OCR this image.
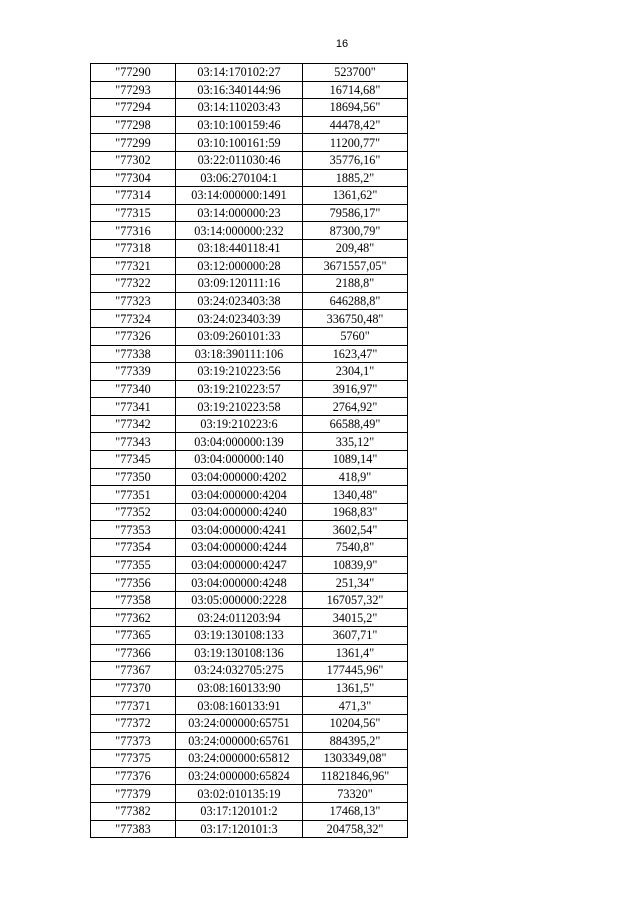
16
"77290	03:14:170102:27	523700"
"77293	03:16:340144:96	16714,68"
"77294	03:14:110203:43	18694,56"
"77298	03:10:100159:46	44478,42"
"77299	03:10:100161:59	11200,77"
"77302	03:22:011030:46	35776,16"
"77304	03:06:270104:1	1885,2"
"77314	03:14:000000:1491	1361,62"
"77315	03:14:000000:23	79586,17"
"77316	03:14:000000:232	87300,79"
"77318	03:18:440118:41	209,48"
"77321	03:12:000000:28	3671557,05"
"77322	03:09:120111:16	2188,8"
"77323	03:24:023403:38	646288,8"
"77324	03:24:023403:39	336750,48"
"77326	03:09:260101:33	5760"
"77338	03:18:390111:106	1623,47"
"77339	03:19:210223:56	2304,1"
"77340	03:19:210223:57	3916,97"
"77341	03:19:210223:58	2764,92"
"77342	03:19:210223:6	66588,49"
"77343	03:04:000000:139	335,12"
"77345	03:04:000000:140	1089,14"
"77350	03:04:000000:4202	418,9"
"77351	03:04:000000:4204	1340,48"
"77352	03:04:000000:4240	1968,83"
"77353	03:04:000000:4241	3602,54"
"77354	03:04:000000:4244	7540,8"
"77355	03:04:000000:4247	10839,9"
"77356	03:04:000000:4248	251,34"
"77358	03:05:000000:2228	167057,32"
"77362	03:24:011203:94	34015,2"
"77365	03:19:130108:133	3607,71"
"77366	03:19:130108:136	1361,4"
"77367	03:24:032705:275	177445,96"
"77370	03:08:160133:90	1361,5"
"77371	03:08:160133:91	471,3"
"77372	03:24:000000:65751	10204,56"
"77373	03:24:000000:65761	884395,2"
"77375	03:24:000000:65812	1303349,08"
"77376	03:24:000000:65824	11821846,96"
"77379	03:02:010135:19	73320"
"77382	03:17:120101:2	17468,13"
"77383	03:17:120101:3	204758,32"
